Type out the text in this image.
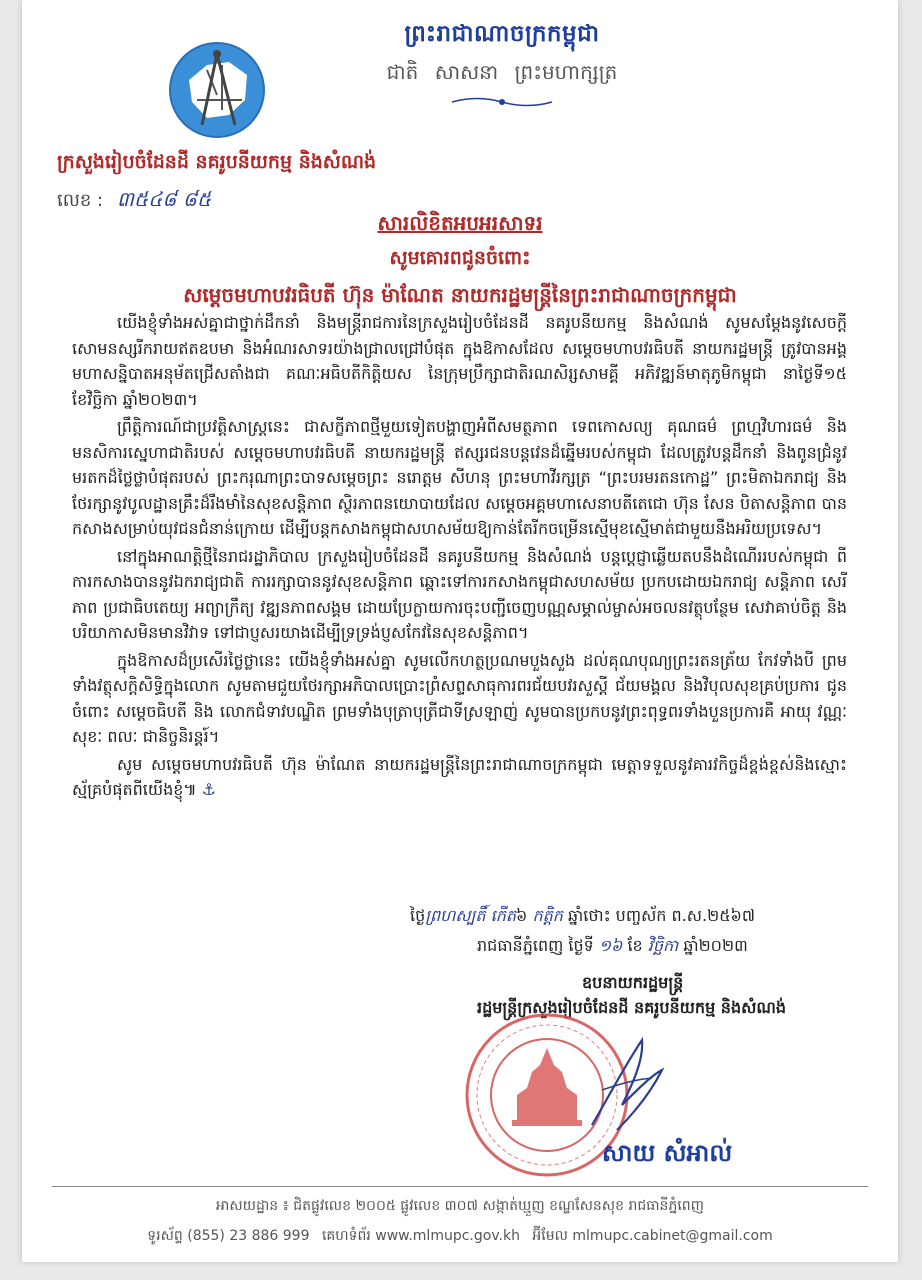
ព្រះរាជាណាចក្រកម្ពុជា
ជាតិ សាសនា ព្រះមហាក្សត្រ
ក្រសួងរៀបចំដែនដី នគរូបនីយកម្ម និងសំណង់
លេខ : ៣៥៤៨ ៨៥
សារលិខិតអបអរសាទរ
សូមគោរពជូនចំពោះ
សម្តេចមហាបវរធិបតី ហ៊ុន ម៉ាណែត នាយករដ្ឋមន្ត្រីនៃព្រះរាជាណាចក្រកម្ពុជា

យើងខ្ញុំទាំងអស់គ្នាជាថ្នាក់ដឹកនាំ និងមន្ត្រីរាជការនៃក្រសួងរៀបចំដែនដី នគរូបនីយកម្ម និងសំណង់ សូមសម្តែងនូវសេចក្តីសោមនស្សរីករាយឥតឧបមា និងអំណរសាទរយ៉ាងជ្រាលជ្រៅបំផុត ក្នុងឱកាសដែល សម្តេចមហាបវរធិបតី នាយករដ្ឋមន្ត្រី ត្រូវបានអង្គមហាសន្និបាតអនុម័តជ្រើសតាំងជា គណៈអធិបតីកិត្តិយស នៃក្រុមប្រឹក្សាជាតិរណសិរ្សសាមគ្គី អភិវឌ្ឍន៍មាតុភូមិកម្ពុជា នាថ្ងៃទី១៥ ខែវិច្ឆិកា ឆ្នាំ២០២៣។

ព្រឹត្តិការណ៍ជាប្រវត្តិសាស្ត្រនេះ ជាសក្ខីភាពថ្មីមួយទៀតបង្ហាញអំពីសមត្ថភាព ទេពកោសល្យ គុណធម៌ ព្រហ្មវិហារធម៌ និងមនសិការស្នេហាជាតិរបស់ សម្តេចមហាបវរធិបតី នាយករដ្ឋមន្ត្រី ឥស្សរជនបន្តវេនដ៏ឆ្នើមរបស់កម្ពុជា ដែលត្រូវបន្តដឹកនាំ និងពូនជ្រំនូវមរតកដ៏ថ្លៃថ្លាបំផុតរបស់ ព្រះករុណាព្រះបាទសម្តេចព្រះ នរោត្តម សីហនុ ព្រះមហាវីរក្សត្រ “ព្រះបរមរតនកោដ្ឋ” ព្រះមិតាឯករាជ្យ និងថែរក្សានូវបូលដ្ឋានគ្រឹះដ៏រឹងមាំនៃសុខសន្តិភាព ស្ថិរភាពនយោបាយដែល សម្តេចអគ្គមហាសេនាបតីតេជោ ហ៊ុន សែន បិតាសន្តិភាព បានកសាងសម្រាប់យុវជនជំនាន់ក្រោយ ដើម្បីបន្តកសាងកម្ពុជាសហសម័យឱ្យកាន់តែរីកចម្រើនស្មើមុខស្មើមាត់ជាមួយនឹងអរិយប្រទេស។

នៅក្នុងអាណត្តិថ្មីនៃរាជរដ្ឋាភិបាល ក្រសួងរៀបចំដែនដី នគរូបនីយកម្ម និងសំណង់ បន្តប្តេជ្ញាឆ្លើយតបនឹងដំណើររបស់កម្ពុជា ពីការកសាងបាននូវឯករាជ្យជាតិ ការរក្សាបាននូវសុខសន្តិភាព ឆ្ពោះទៅការកសាងកម្ពុជាសហសម័យ ប្រកបដោយឯករាជ្យ សន្តិភាព សេរីភាព ប្រជាធិបតេយ្យ អព្យាក្រឹត្យ វឌ្ឍនភាពសង្គម ដោយប្រែក្លាយការចុះបញ្ជីចេញបណ្ណសម្គាល់ម្ចាស់អចលនវត្ថុបន្ថែម សេវាគាប់ចិត្ត និងបរិយាកាសមិនមានវិវាទ ទៅជាប្ញសរយាងដើម្បីទ្រទ្រង់ប្ញសកែវនៃសុខសន្តិភាព។

ក្នុងឱកាសដ៏ប្រសើរថ្លៃថ្លានេះ យើងខ្ញុំទាំងអស់គ្នា សូមលើកហត្ថប្រណមបួងសួង ដល់គុណបុណ្យព្រះរតនត្រ័យ កែវទាំងបី ព្រមទាំងវត្ថុសក្តិសិទ្ធិក្នុងលោក សូមតាមជួយថែរក្សាអភិបាលប្រោះព្រំសព្ទសាធុការពរជ័យបវរសួស្តី ជ័យមង្គល និងវិបុលសុខគ្រប់ប្រការ ជូនចំពោះ សម្តេចធិបតី និង លោកជំទាវបណ្ឌិត ព្រមទាំងបុត្រាបុត្រីជាទីស្រឡាញ់ សូមបានប្រកបនូវព្រះពុទ្ធពរទាំងបួនប្រការគឺ អាយុ វណ្ណៈ សុខៈ ពលៈ ជានិច្ចនិរន្តរ៍។

សូម សម្តេចមហាបវរធិបតី ហ៊ុន ម៉ាណែត នាយករដ្ឋមន្ត្រីនៃព្រះរាជាណាចក្រកម្ពុជា មេត្តាទទួលនូវគារវកិច្ចដ៏ខ្ពង់ខ្ពស់និងស្មោះស្ម័គ្របំផុតពីយើងខ្ញុំ៕ ⚓

ថ្ងៃព្រហស្បតិ៍ កើត៦ កត្តិក ឆ្នាំថោះ បញ្ចស័ក ព.ស.២៥៦៧
រាជធានីភ្នំពេញ ថ្ងៃទី ១៦ ខែ វិច្ឆិកា ឆ្នាំ២០២៣
ឧបនាយករដ្ឋមន្ត្រី
រដ្ឋមន្ត្រីក្រសួងរៀបចំដែនដី នគរូបនីយកម្ម និងសំណង់
សាយ សំអាល់
អាសយដ្ឋាន ៖ ជិតផ្លូវលេខ ២០០៥ ផ្លូវលេខ ៣០៧ សង្កាត់ឃ្មួញ ខណ្ឌសែនសុខ រាជធានីភ្នំពេញ
ទូរស័ព្ទ (855) 23 886 999 គេហទំព័រ www.mlmupc.gov.kh អ៊ីមែល mlmupc.cabinet@gmail.com
